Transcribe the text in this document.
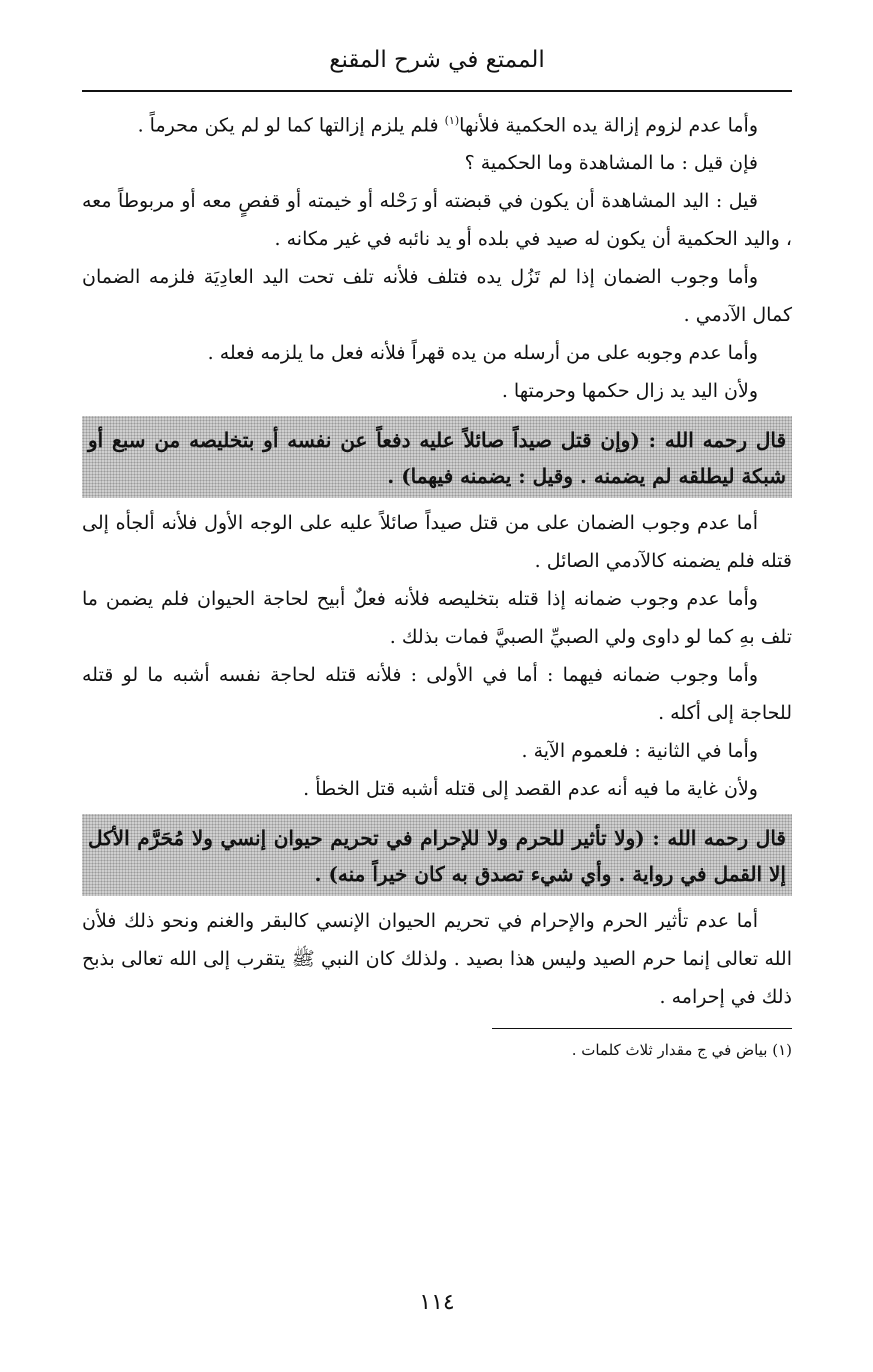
الممتع في شرح المقنع

وأما عدم لزوم إزالة يده الحكمية فلأنها$^{(١)}$ فلم يلزم إزالتها كما لو لم يكن محرماً .

فإن قيل : ما المشاهدة وما الحكمية ؟

قيل : اليد المشاهدة أن يكون في قبضته أو رَحْله أو خيمته أو قفصٍ معه أو مربوطاً معه ، واليد الحكمية أن يكون له صيد في بلده أو يد نائبه في غير مكانه .

وأما وجوب الضمان إذا لم تَزُل يده فتلف فلأنه تلف تحت اليد العادِيَة فلزمه الضمان كمال الآدمي .

وأما عدم وجوبه على من أرسله من يده قهراً فلأنه فعل ما يلزمه فعله .

ولأن اليد يد زال حكمها وحرمتها .

قال رحمه الله : (وإن قتل صيداً صائلاً عليه دفعاً عن نفسه أو بتخليصه من سبع أو شبكة ليطلقه لم يضمنه . وقيل : يضمنه فيهما) .

أما عدم وجوب الضمان على من قتل صيداً صائلاً عليه على الوجه الأول فلأنه ألجأه إلى قتله فلم يضمنه كالآدمي الصائل .

وأما عدم وجوب ضمانه إذا قتله بتخليصه فلأنه فعلٌ أبيح لحاجة الحيوان فلم يضمن ما تلف بهِ كما لو داوى ولي الصبيِّ الصبيَّ فمات بذلك .

وأما وجوب ضمانه فيهما : أما في الأولى : فلأنه قتله لحاجة نفسه أشبه ما لو قتله للحاجة إلى أكله .

وأما في الثانية : فلعموم الآية .

ولأن غاية ما فيه أنه عدم القصد إلى قتله أشبه قتل الخطأ .

قال رحمه الله : (ولا تأثير للحرم ولا للإحرام في تحريم حيوان إنسي ولا مُحَرَّم الأكل إلا القمل في رواية . وأي شيء تصدق به كان خيراً منه) .

أما عدم تأثير الحرم والإحرام في تحريم الحيوان الإنسي كالبقر والغنم ونحو ذلك فلأن الله تعالى إنما حرم الصيد وليس هذا بصيد . ولذلك كان النبي ﷺ يتقرب إلى الله تعالى بذبح ذلك في إحرامه .

(١) بياض في ج مقدار ثلاث كلمات .

١١٤
